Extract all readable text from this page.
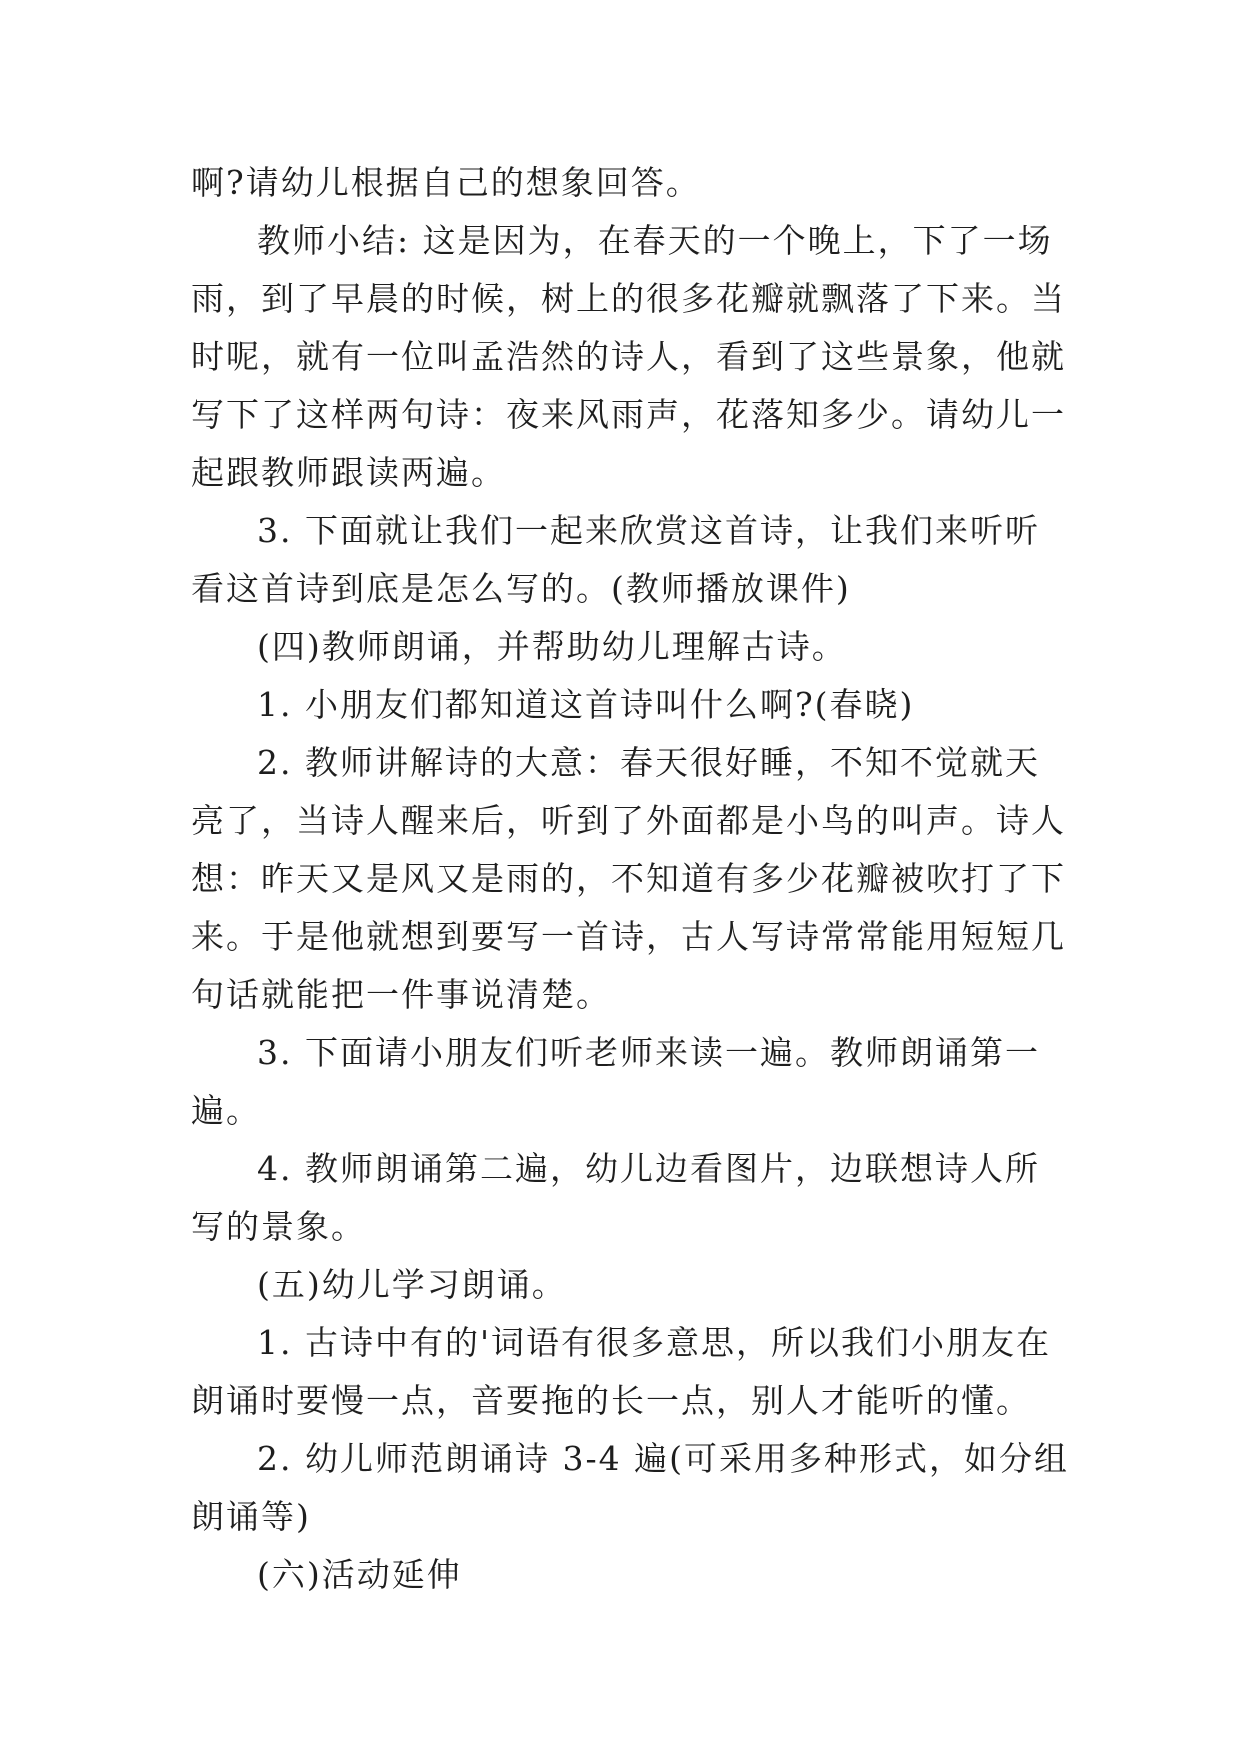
啊?请幼儿根据自己的想象回答。

教师小结: 这是因为，在春天的一个晚上，下了一场雨，到了早晨的时候，树上的很多花瓣就飘落了下来。当时呢，就有一位叫孟浩然的诗人，看到了这些景象，他就写下了这样两句诗：夜来风雨声，花落知多少。请幼儿一起跟教师跟读两遍。

3. 下面就让我们一起来欣赏这首诗，让我们来听听看这首诗到底是怎么写的。(教师播放课件)

(四)教师朗诵，并帮助幼儿理解古诗。

1. 小朋友们都知道这首诗叫什么啊?(春晓)

2. 教师讲解诗的大意：春天很好睡，不知不觉就天亮了，当诗人醒来后，听到了外面都是小鸟的叫声。诗人想：昨天又是风又是雨的，不知道有多少花瓣被吹打了下来。于是他就想到要写一首诗，古人写诗常常能用短短几句话就能把一件事说清楚。

3. 下面请小朋友们听老师来读一遍。教师朗诵第一遍。

4. 教师朗诵第二遍，幼儿边看图片，边联想诗人所写的景象。

(五)幼儿学习朗诵。

1. 古诗中有的'词语有很多意思，所以我们小朋友在朗诵时要慢一点，音要拖的长一点，别人才能听的懂。

2. 幼儿师范朗诵诗 3-4 遍(可采用多种形式，如分组朗诵等)

(六)活动延伸
